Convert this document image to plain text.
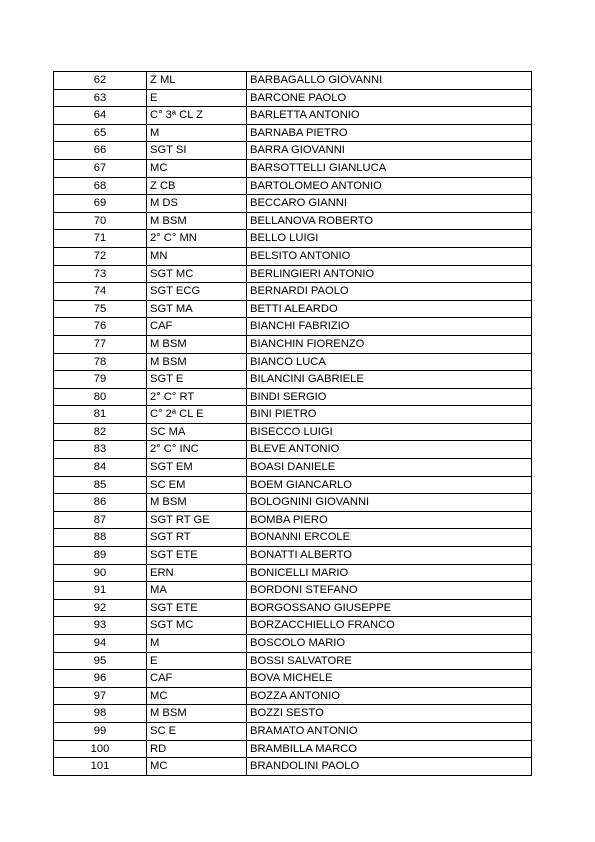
62	Z ML	BARBAGALLO GIOVANNI
63	E	BARCONE PAOLO
64	C° 3ª CL Z	BARLETTA ANTONIO
65	M	BARNABA PIETRO
66	SGT SI	BARRA GIOVANNI
67	MC	BARSOTTELLI GIANLUCA
68	Z CB	BARTOLOMEO ANTONIO
69	M DS	BECCARO GIANNI
70	M BSM	BELLANOVA ROBERTO
71	2° C° MN	BELLO LUIGI
72	MN	BELSITO ANTONIO
73	SGT MC	BERLINGIERI ANTONIO
74	SGT ECG	BERNARDI PAOLO
75	SGT MA	BETTI ALEARDO
76	CAF	BIANCHI FABRIZIO
77	M BSM	BIANCHIN FIORENZO
78	M BSM	BIANCO LUCA
79	SGT E	BILANCINI GABRIELE
80	2° C° RT	BINDI SERGIO
81	C° 2ª CL E	BINI PIETRO
82	SC MA	BISECCO LUIGI
83	2° C° INC	BLEVE ANTONIO
84	SGT EM	BOASI DANIELE
85	SC EM	BOEM GIANCARLO
86	M BSM	BOLOGNINI GIOVANNI
87	SGT RT GE	BOMBA PIERO
88	SGT RT	BONANNI ERCOLE
89	SGT ETE	BONATTI ALBERTO
90	ERN	BONICELLI MARIO
91	MA	BORDONI STEFANO
92	SGT ETE	BORGOSSANO GIUSEPPE
93	SGT MC	BORZACCHIELLO FRANCO
94	M	BOSCOLO MARIO
95	E	BOSSI SALVATORE
96	CAF	BOVA MICHELE
97	MC	BOZZA ANTONIO
98	M BSM	BOZZI SESTO
99	SC E	BRAMATO ANTONIO
100	RD	BRAMBILLA MARCO
101	MC	BRANDOLINI PAOLO
